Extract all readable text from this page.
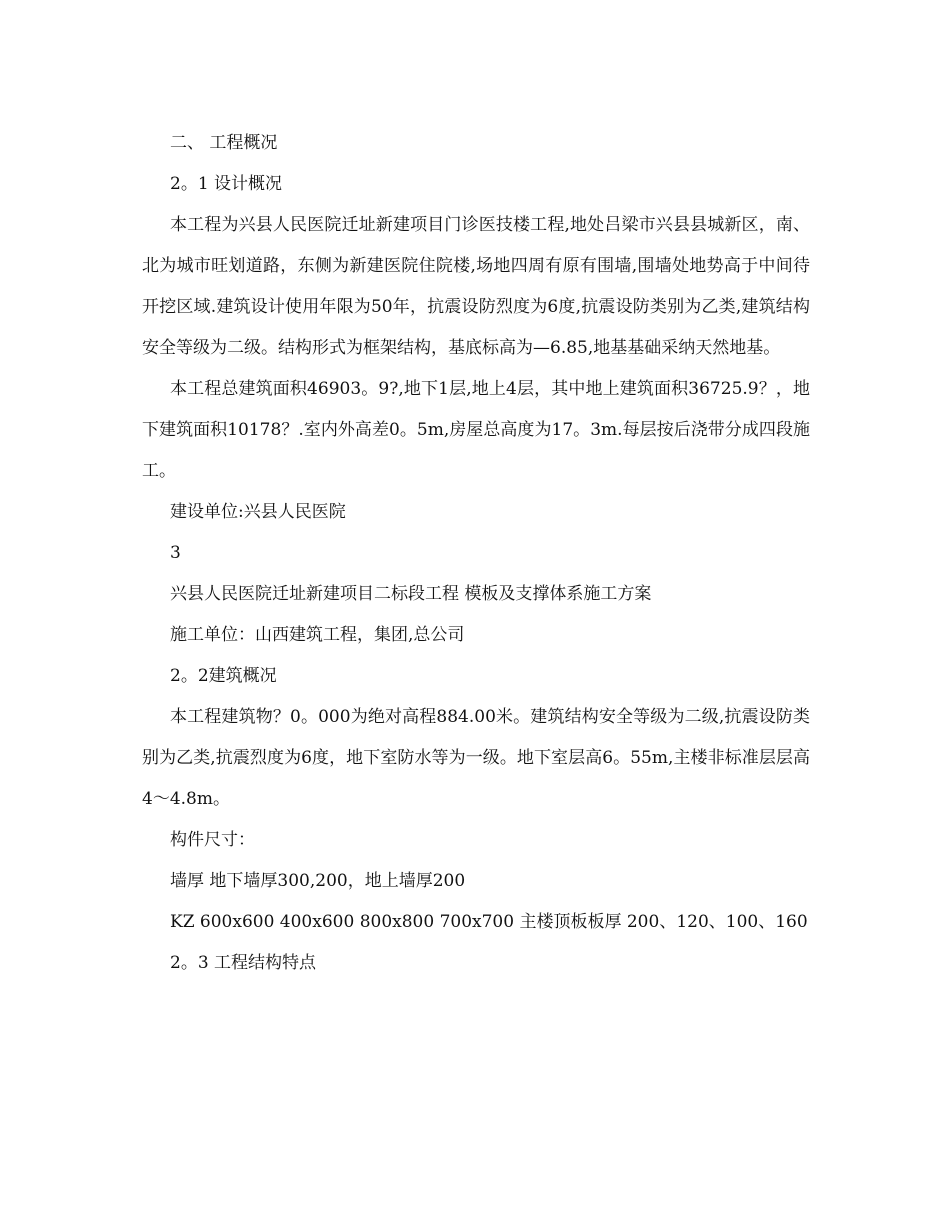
二、 工程概况
2。1 设计概况

本工程为兴县人民医院迁址新建项目门诊医技楼工程,地处吕梁市兴县县城新区，南、北为城市旺划道路，东侧为新建医院住院楼,场地四周有原有围墙,围墙处地势高于中间待开挖区域.建筑设计使用年限为50年，抗震设防烈度为6度,抗震设防类别为乙类,建筑结构安全等级为二级。结构形式为框架结构，基底标高为—6.85,地基基础采纳天然地基。

本工程总建筑面积46903。9?,地下1层,地上4层，其中地上建筑面积36725.9？，地下建筑面积10178？.室内外高差0。5m,房屋总高度为17。3m.每层按后浇带分成四段施工。

建设单位:兴县人民医院
3
兴县人民医院迁址新建项目二标段工程 模板及支撑体系施工方案
施工单位：山西建筑工程，集团,总公司
2。2建筑概况

本工程建筑物？0。000为绝对高程884.00米。建筑结构安全等级为二级,抗震设防类别为乙类,抗震烈度为6度，地下室防水等为一级。地下室层高6。55m,主楼非标准层层高4～4.8m。

构件尺寸：
墙厚 地下墙厚300,200，地上墙厚200
KZ 600x600 400x600 800x800 700x700 主楼顶板板厚 200、120、100、160
2。3 工程结构特点
